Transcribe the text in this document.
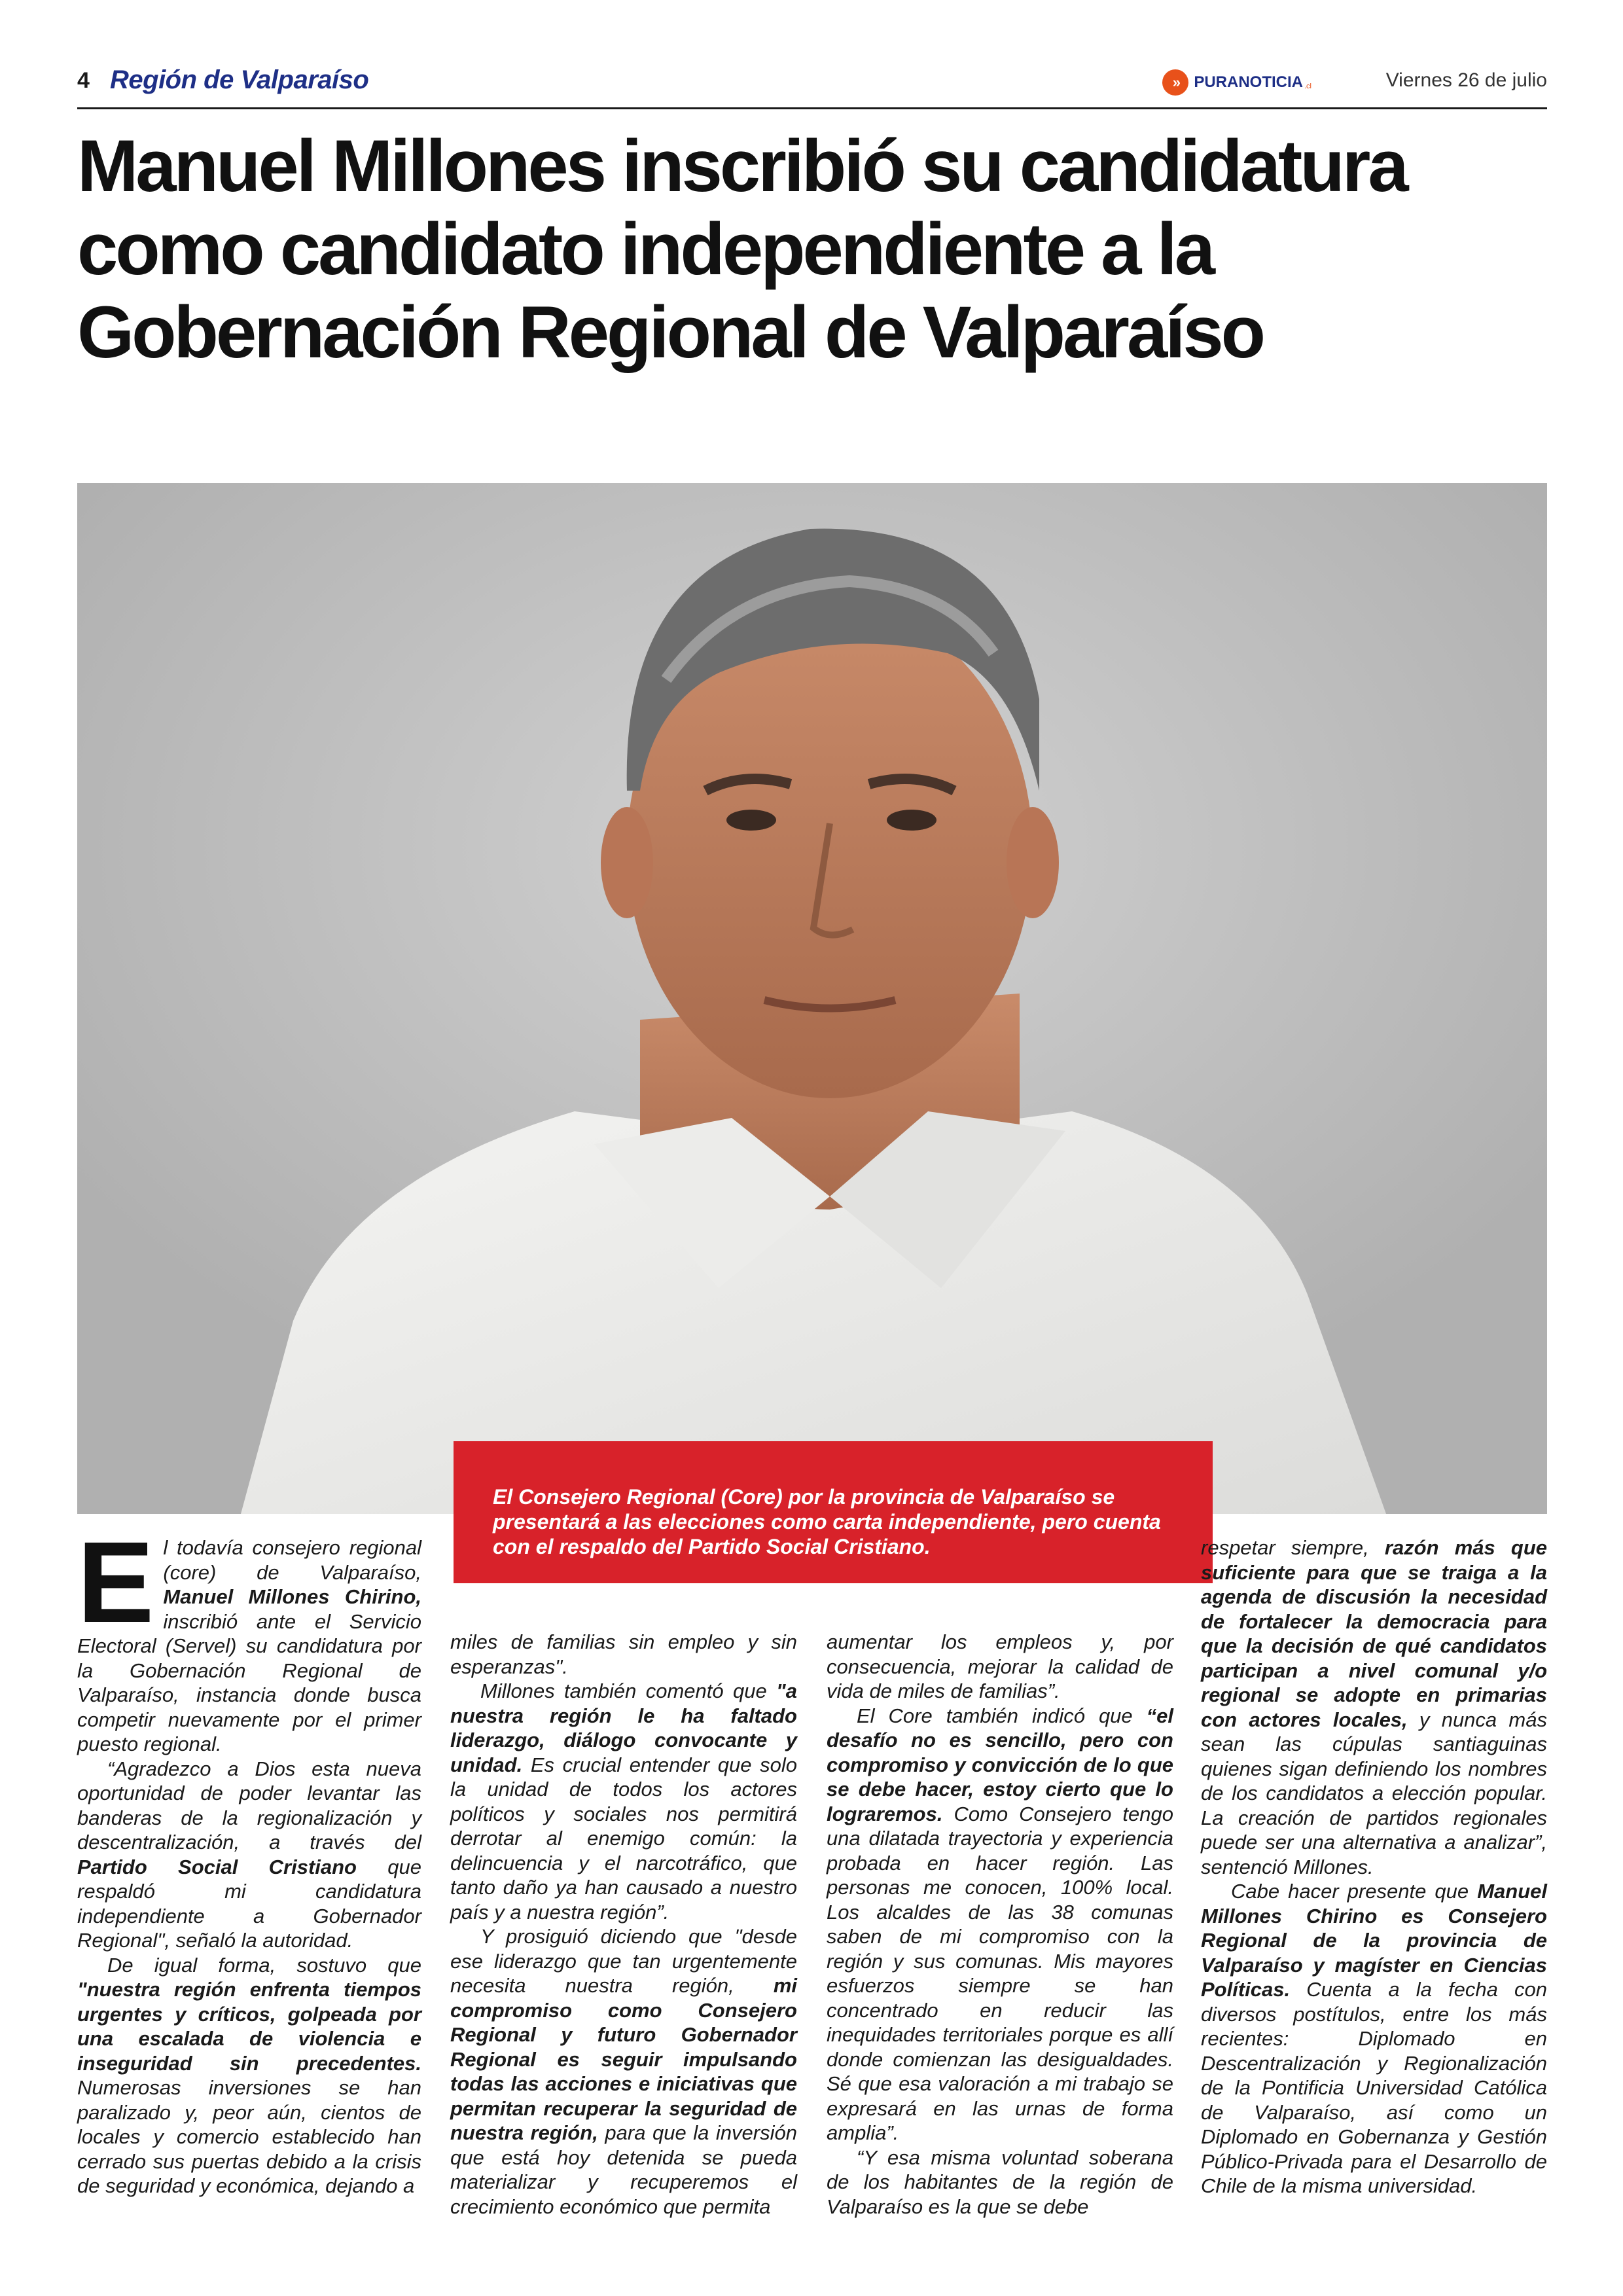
4 Región de Valparaíso	» PURANOTICIA .cl	Viernes 26 de julio
Manuel Millones inscribió su candidatura como candidato independiente a la Gobernación Regional de Valparaíso
El Consejero Regional (Core) por la provincia de Valparaíso se presentará a las elecciones como carta independiente, pero cuenta con el respaldo del Partido Social Cristiano.

El todavía consejero regional (core) de Valparaíso, Manuel Millones Chirino, inscribió ante el Servicio Electoral (Servel) su candidatura por la Gobernación Regional de Valparaíso, instancia donde busca competir nuevamente por el primer puesto regional.

“Agradezco a Dios esta nueva oportunidad de poder levantar las banderas de la regionalización y descentralización, a través del Partido Social Cristiano que respaldó mi candidatura independiente a Gobernador Regional", señaló la autoridad.

De igual forma, sostuvo que "nuestra región enfrenta tiempos urgentes y críticos, golpeada por una escalada de violencia e inseguridad sin precedentes. Numerosas inversiones se han paralizado y, peor aún, cientos de locales y comercio establecido han cerrado sus puertas debido a la crisis de seguridad y económica, dejando a

miles de familias sin empleo y sin esperanzas".

Millones también comentó que "a nuestra región le ha faltado liderazgo, diálogo convocante y unidad. Es crucial entender que solo la unidad de todos los actores políticos y sociales nos permitirá derrotar al enemigo común: la delincuencia y el narcotráfico, que tanto daño ya han causado a nuestro país y a nuestra región”.

Y prosiguió diciendo que "desde ese liderazgo que tan urgentemente necesita nuestra región, mi compromiso como Consejero Regional y futuro Gobernador Regional es seguir impulsando todas las acciones e iniciativas que permitan recuperar la seguridad de nuestra región, para que la inversión que está hoy detenida se pueda materializar y recuperemos el crecimiento económico que permita

aumentar los empleos y, por consecuencia, mejorar la calidad de vida de miles de familias”.

El Core también indicó que “el desafío no es sencillo, pero con compromiso y convicción de lo que se debe hacer, estoy cierto que lo lograremos. Como Consejero tengo una dilatada trayectoria y experiencia probada en hacer región. Las personas me conocen, 100% local. Los alcaldes de las 38 comunas saben de mi compromiso con la región y sus comunas. Mis mayores esfuerzos siempre se han concentrado en reducir las inequidades territoriales porque es allí donde comienzan las desigualdades. Sé que esa valoración a mi trabajo se expresará en las urnas de forma amplia”.

“Y esa misma voluntad soberana de los habitantes de la región de Valparaíso es la que se debe

respetar siempre, razón más que suficiente para que se traiga a la agenda de discusión la necesidad de fortalecer la democracia para que la decisión de qué candidatos participan a nivel comunal y/o regional se adopte en primarias con actores locales, y nunca más sean las cúpulas santiaguinas quienes sigan definiendo los nombres de los candidatos a elección popular. La creación de partidos regionales puede ser una alternativa a analizar”, sentenció Millones.

Cabe hacer presente que Manuel Millones Chirino es Consejero Regional de la provincia de Valparaíso y magíster en Ciencias Políticas. Cuenta a la fecha con diversos postítulos, entre los más recientes: Diplomado en Descentralización y Regionalización de la Pontificia Universidad Católica de Valparaíso, así como un Diplomado en Gobernanza y Gestión Público-Privada para el Desarrollo de Chile de la misma universidad.
